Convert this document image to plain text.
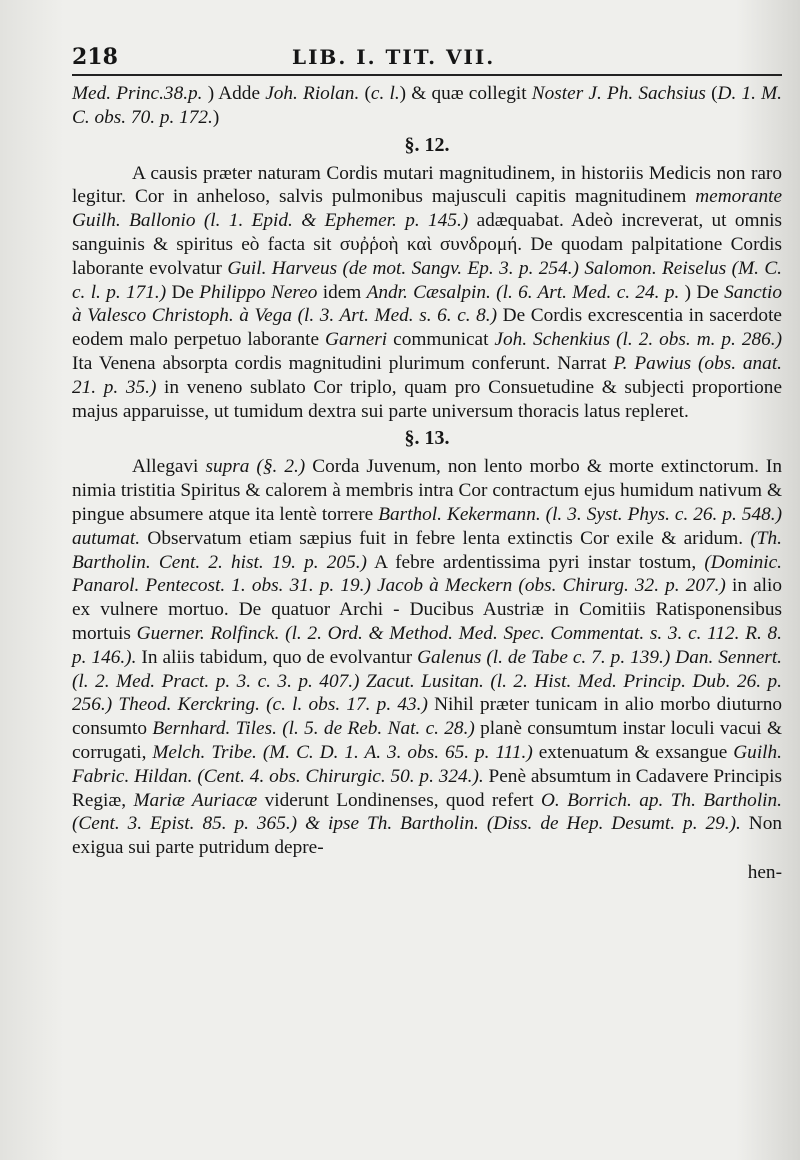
218	LIB. I. TIT. VII.

Med. Princ.38.p. ) Adde Joh. Riolan. (c. l.) & quæ collegit Noster J. Ph. Sachsius (D. 1. M. C. obs. 70. p. 172.)

§. 12.

A causis præter naturam Cordis mutari magnitudinem, in historiis Medicis non raro legitur. Cor in anheloso, salvis pulmonibus majusculi capitis magnitudinem memorante Guilh. Ballonio (l. 1. Epid. & Ephemer. p. 145.) adæquabat. Adeò increverat, ut omnis sanguinis & spiritus eò facta sit συῤῥοὴ καὶ συνδρομή. De quodam palpitatione Cordis laborante evolvatur Guil. Harveus (de mot. Sangv. Ep. 3. p. 254.) Salomon. Reiselus (M. C. c. l. p. 171.) De Philippo Nereo idem Andr. Cæsalpin. (l. 6. Art. Med. c. 24. p. ) De Sanctio à Valesco Christoph. à Vega (l. 3. Art. Med. s. 6. c. 8.) De Cordis excrescentia in sacerdote eodem malo perpetuo laborante Garneri communicat Joh. Schenkius (l. 2. obs. m. p. 286.) Ita Venena absorpta cordis magnitudini plurimum conferunt. Narrat P. Pawius (obs. anat. 21. p. 35.) in veneno sublato Cor triplo, quam pro Consuetudine & subjecti proportione majus apparuisse, ut tumidum dextra sui parte universum thoracis latus repleret.

§. 13.

Allegavi supra (§. 2.) Corda Juvenum, non lento morbo & morte extinctorum. In nimia tristitia Spiritus & calorem à membris intra Cor contractum ejus humidum nativum & pingue absumere atque ita lentè torrere Barthol. Kekermann. (l. 3. Syst. Phys. c. 26. p. 548.) autumat. Observatum etiam sæpius fuit in febre lenta extinctis Cor exile & aridum. (Th. Bartholin. Cent. 2. hist. 19. p. 205.) A febre ardentissima pyri instar tostum, (Dominic. Panarol. Pentecost. 1. obs. 31. p. 19.) Jacob à Meckern (obs. Chirurg. 32. p. 207.) in alio ex vulnere mortuo. De quatuor Archi - Ducibus Austriæ in Comitiis Ratisponensibus mortuis Guerner. Rolfinck. (l. 2. Ord. & Method. Med. Spec. Commentat. s. 3. c. 112. R. 8. p. 146.). In aliis tabidum, quo de evolvantur Galenus (l. de Tabe c. 7. p. 139.) Dan. Sennert. (l. 2. Med. Pract. p. 3. c. 3. p. 407.) Zacut. Lusitan. (l. 2. Hist. Med. Princip. Dub. 26. p. 256.) Theod. Kerckring. (c. l. obs. 17. p. 43.) Nihil præter tunicam in alio morbo diuturno consumto Bernhard. Tiles. (l. 5. de Reb. Nat. c. 28.) planè consumtum instar loculi vacui & corrugati, Melch. Tribe. (M. C. D. 1. A. 3. obs. 65. p. 111.) extenuatum & exsangue Guilh. Fabric. Hildan. (Cent. 4. obs. Chirurgic. 50. p. 324.). Penè absumtum in Cadavere Principis Regiæ, Mariæ Auriacæ viderunt Londinenses, quod refert O. Borrich. ap. Th. Bartholin. (Cent. 3. Epist. 85. p. 365.) & ipse Th. Bartholin. (Diss. de Hep. Desumt. p. 29.). Non exigua sui parte putridum depre-

hen-
